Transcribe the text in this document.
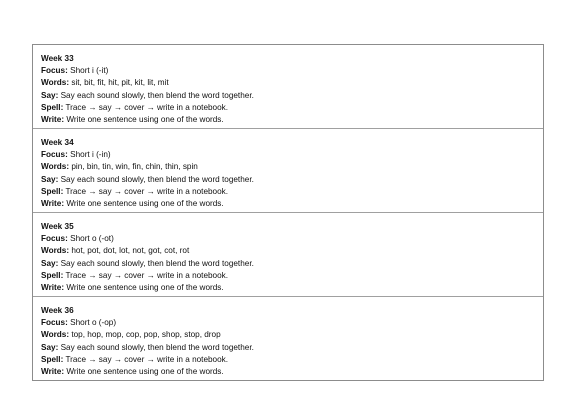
Week 33
Focus: Short i (-it)
Words: sit, bit, fit, hit, pit, kit, lit, mit
Say: Say each sound slowly, then blend the word together.
Spell: Trace → say → cover → write in a notebook.
Write: Write one sentence using one of the words.
Week 34
Focus: Short i (-in)
Words: pin, bin, tin, win, fin, chin, thin, spin
Say: Say each sound slowly, then blend the word together.
Spell: Trace → say → cover → write in a notebook.
Write: Write one sentence using one of the words.
Week 35
Focus: Short o (-ot)
Words: hot, pot, dot, lot, not, got, cot, rot
Say: Say each sound slowly, then blend the word together.
Spell: Trace → say → cover → write in a notebook.
Write: Write one sentence using one of the words.
Week 36
Focus: Short o (-op)
Words: top, hop, mop, cop, pop, shop, stop, drop
Say: Say each sound slowly, then blend the word together.
Spell: Trace → say → cover → write in a notebook.
Write: Write one sentence using one of the words.
